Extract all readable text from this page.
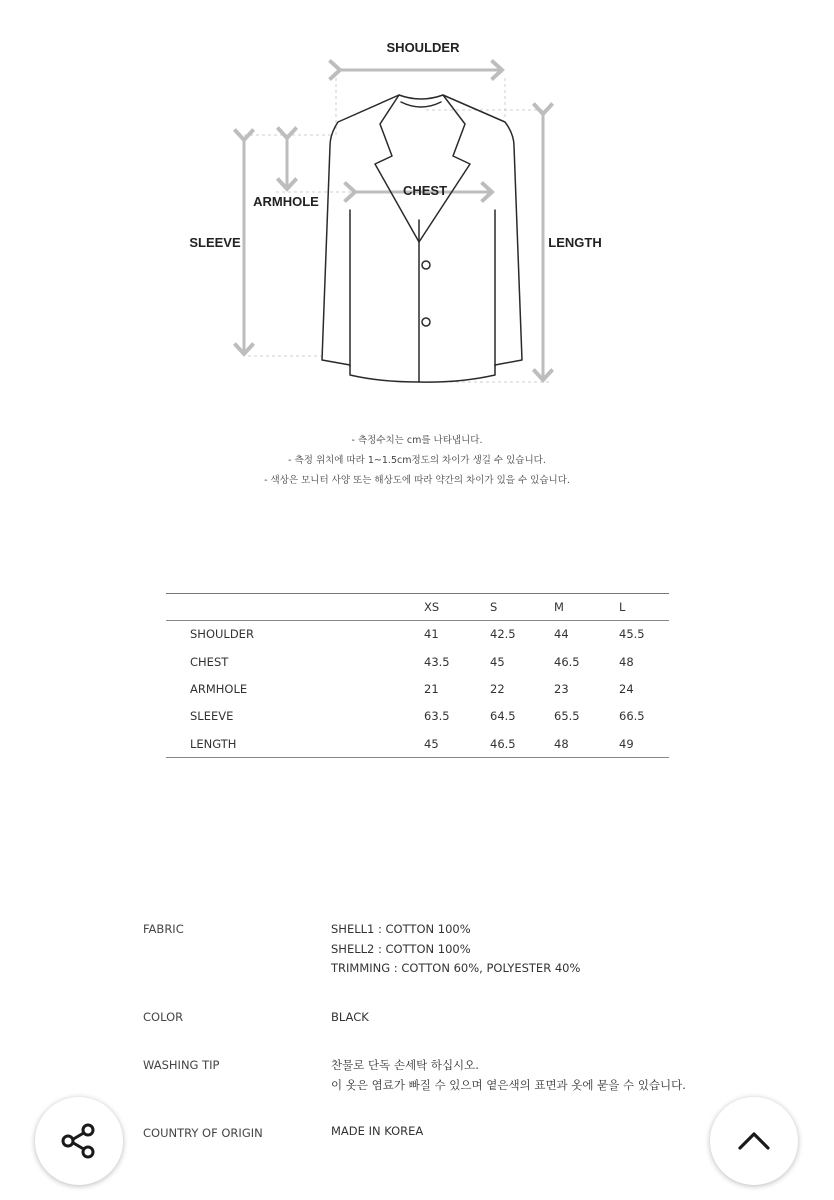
SHOULDER
CHEST
ARMHOLE
SLEEVE	LENGTH
- 측정수치는 cm를 나타냅니다.
- 측정 위치에 따라 1~1.5cm정도의 차이가 생길 수 있습니다.
- 색상은 모니터 사양 또는 해상도에 따라 약간의 차이가 있을 수 있습니다.
	XS	S	M	L
SHOULDER	41	42.5	44	45.5
CHEST	43.5	45	46.5	48
ARMHOLE	21	22	23	24
SLEEVE	63.5	64.5	65.5	66.5
LENGTH	45	46.5	48	49
FABRIC	SHELL1 : COTTON 100%
SHELL2 : COTTON 100%
TRIMMING : COTTON 60%, POLYESTER 40%
COLOR	BLACK
WASHING TIP	찬물로 단독 손세탁 하십시오.
이 옷은 염료가 빠질 수 있으며 옅은색의 표면과 옷에 묻을 수 있습니다.
COUNTRY OF ORIGIN	MADE IN KOREA
